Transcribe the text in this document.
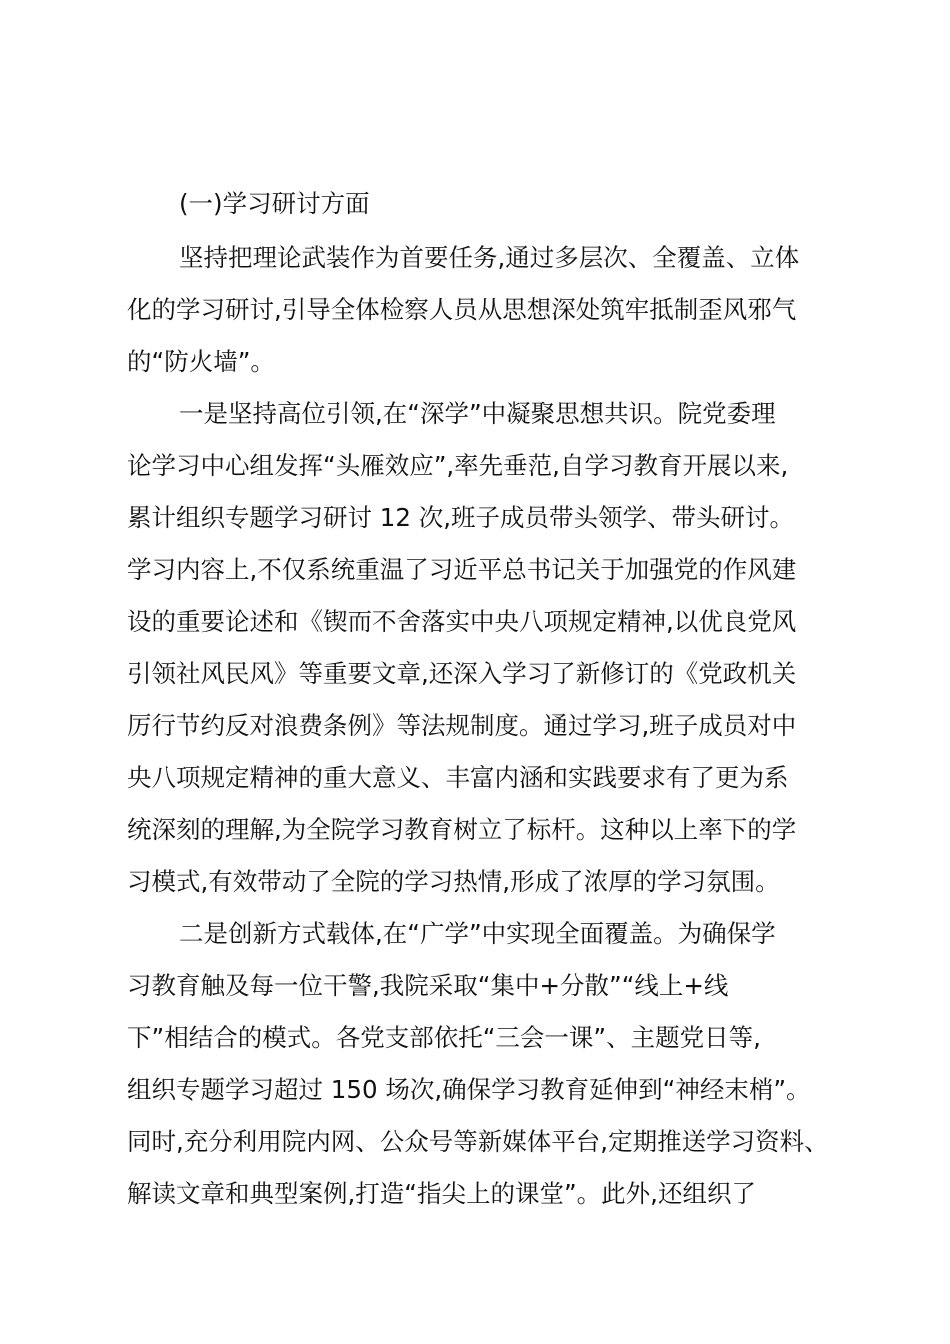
(一)学习研讨方面
坚持把理论武装作为首要任务,通过多层次、全覆盖、立体
化的学习研讨,引导全体检察人员从思想深处筑牢抵制歪风邪气
的“防火墙”。
一是坚持高位引领,在“深学”中凝聚思想共识。院党委理
论学习中心组发挥“头雁效应”,率先垂范,自学习教育开展以来,
累计组织专题学习研讨 12 次,班子成员带头领学、带头研讨。
学习内容上,不仅系统重温了习近平总书记关于加强党的作风建
设的重要论述和《锲而不舍落实中央八项规定精神,以优良党风
引领社风民风》等重要文章,还深入学习了新修订的《党政机关
厉行节约反对浪费条例》等法规制度。通过学习,班子成员对中
央八项规定精神的重大意义、丰富内涵和实践要求有了更为系
统深刻的理解,为全院学习教育树立了标杆。这种以上率下的学
习模式,有效带动了全院的学习热情,形成了浓厚的学习氛围。
二是创新方式载体,在“广学”中实现全面覆盖。为确保学
习教育触及每一位干警,我院采取“集中+分散”“线上+线
下”相结合的模式。各党支部依托“三会一课”、主题党日等,
组织专题学习超过 150 场次,确保学习教育延伸到“神经末梢”。
同时,充分利用院内网、公众号等新媒体平台,定期推送学习资料、
解读文章和典型案例,打造“指尖上的课堂”。此外,还组织了
